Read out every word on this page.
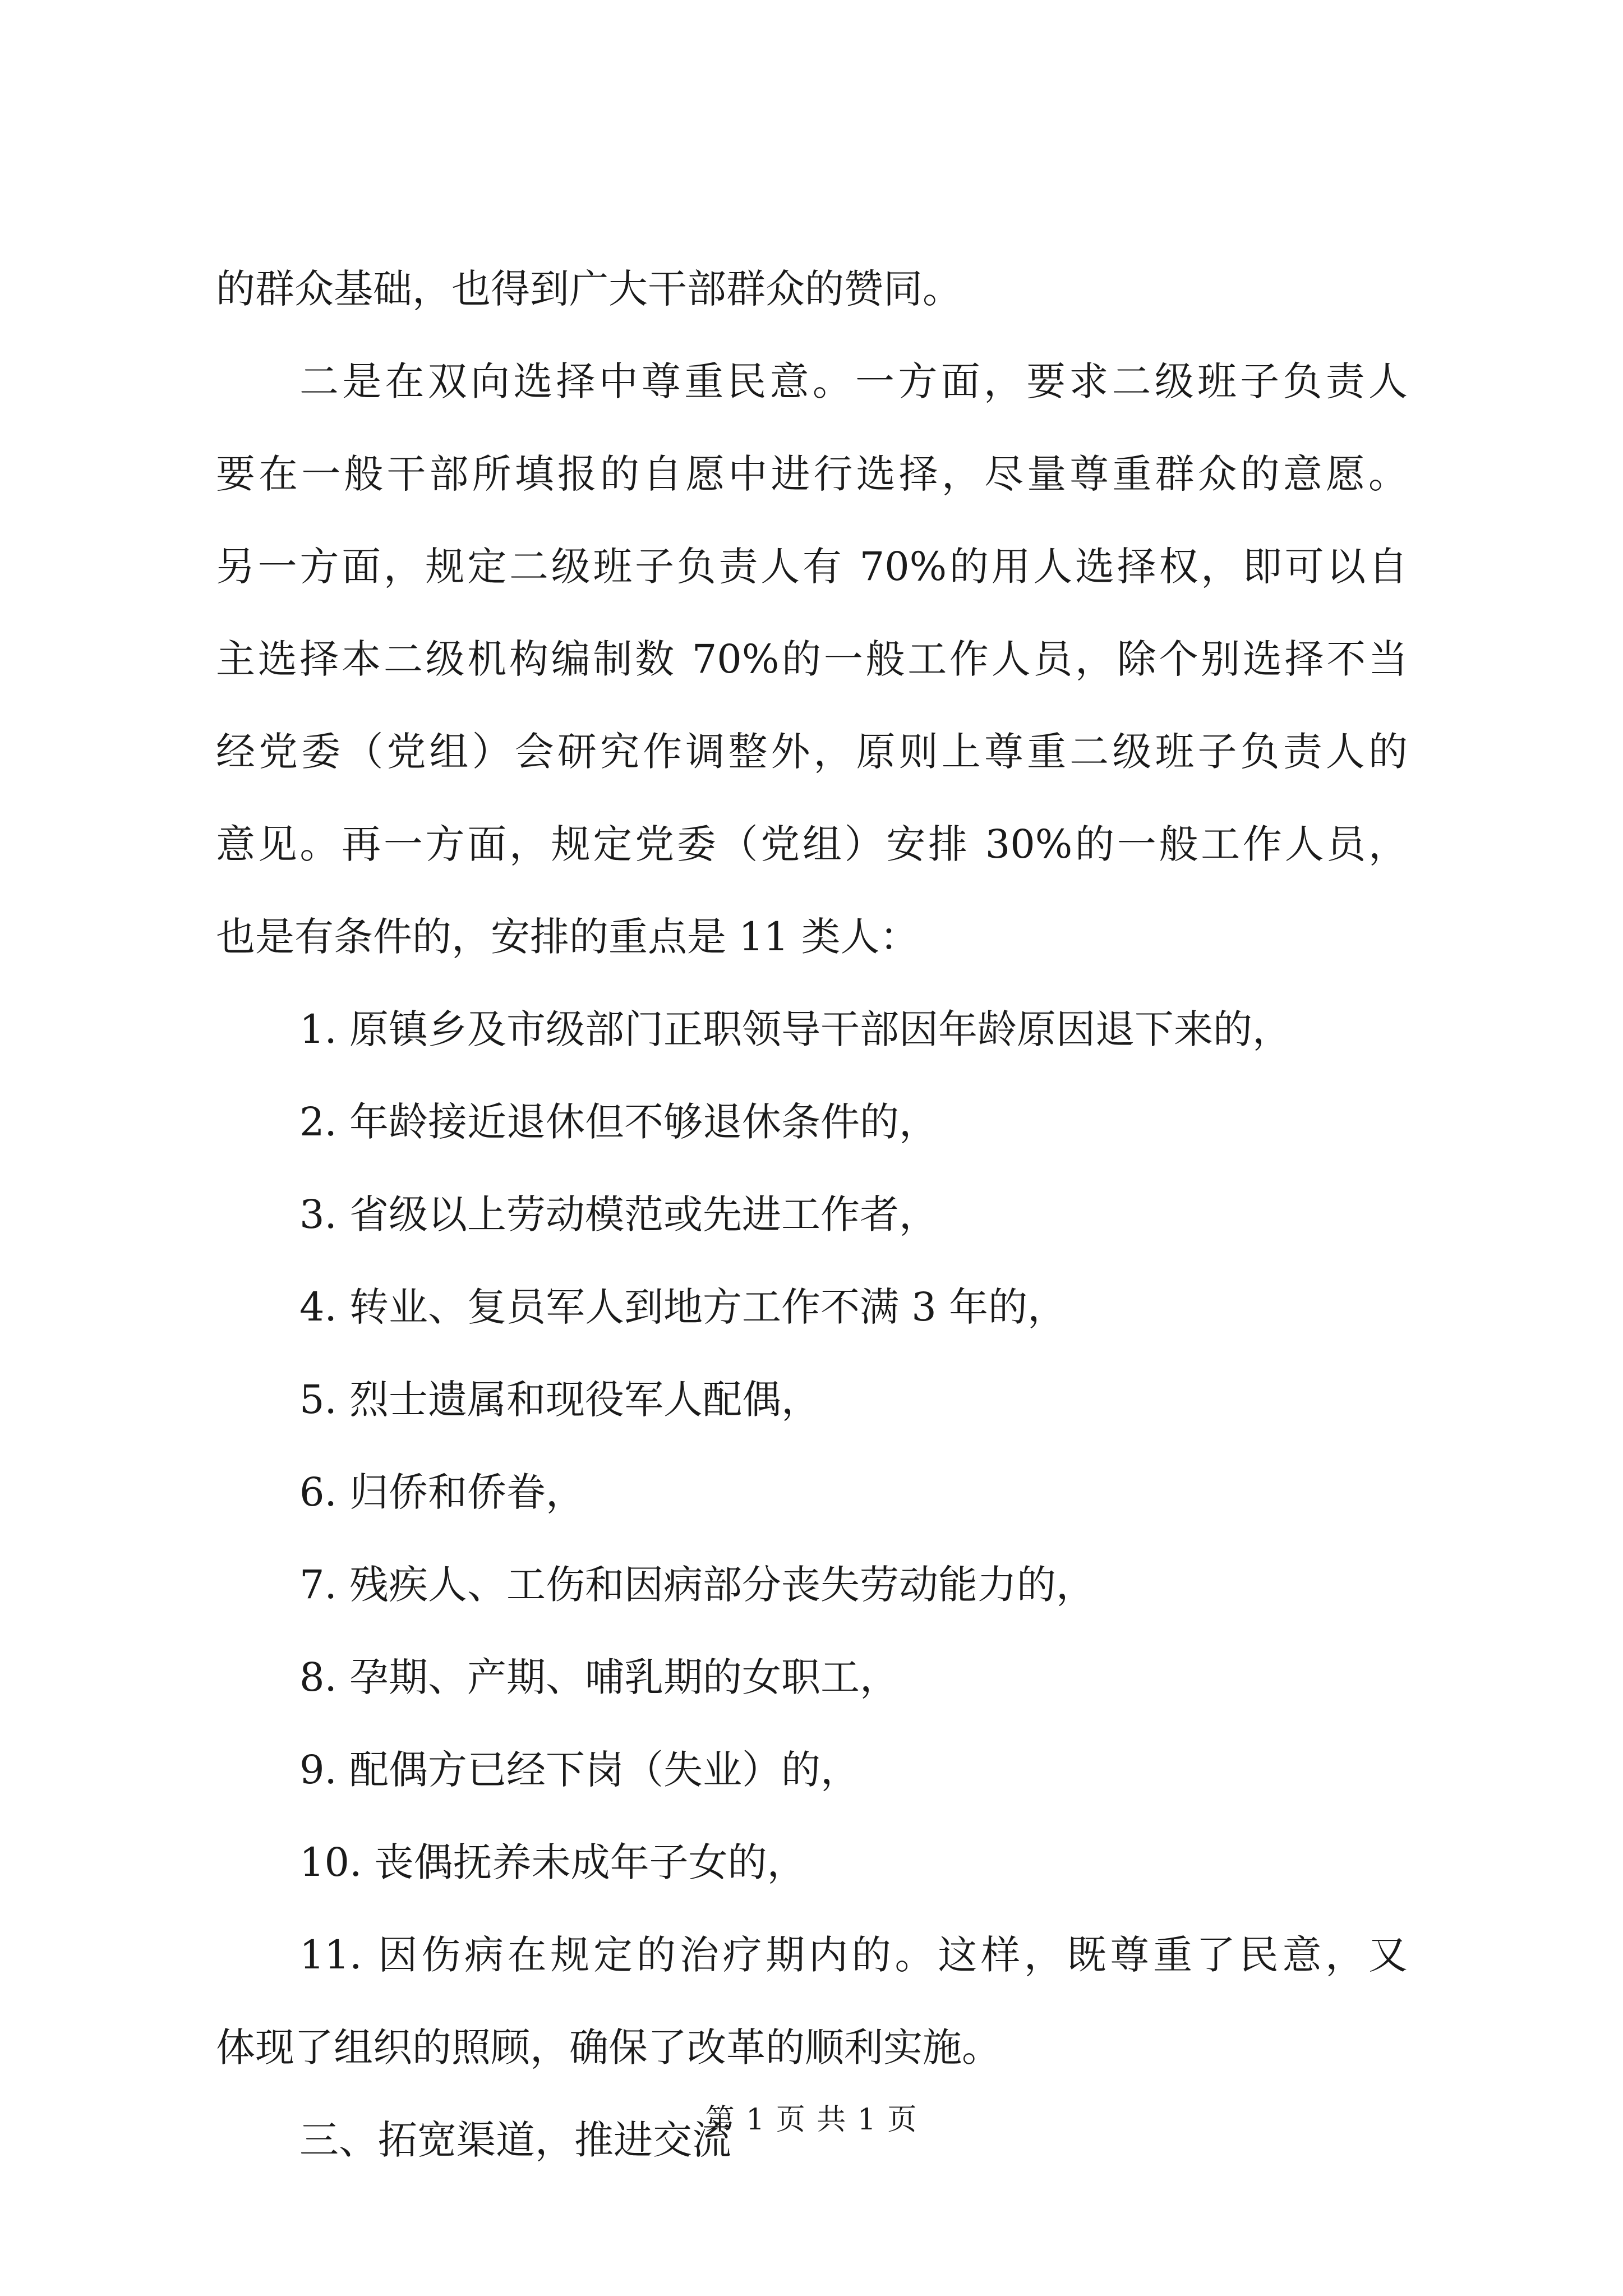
的群众基础，也得到广大干部群众的赞同。
二是在双向选择中尊重民意。一方面，要求二级班子负责人
要在一般干部所填报的自愿中进行选择，尽量尊重群众的意愿。
另一方面，规定二级班子负责人有 70%的用人选择权，即可以自
主选择本二级机构编制数 70%的一般工作人员，除个别选择不当
经党委（党组）会研究作调整外，原则上尊重二级班子负责人的
意见。再一方面，规定党委（党组）安排 30%的一般工作人员，
也是有条件的，安排的重点是 11 类人：
1. 原镇乡及市级部门正职领导干部因年龄原因退下来的，
2. 年龄接近退休但不够退休条件的，
3. 省级以上劳动模范或先进工作者，
4. 转业、复员军人到地方工作不满 3 年的，
5. 烈士遗属和现役军人配偶，
6. 归侨和侨眷，
7. 残疾人、工伤和因病部分丧失劳动能力的，
8. 孕期、产期、哺乳期的女职工，
9. 配偶方已经下岗（失业）的，
10. 丧偶抚养未成年子女的，
11. 因伤病在规定的治疗期内的。这样，既尊重了民意，又
体现了组织的照顾，确保了改革的顺利实施。
三、拓宽渠道，推进交流
第 1 页 共 1 页
